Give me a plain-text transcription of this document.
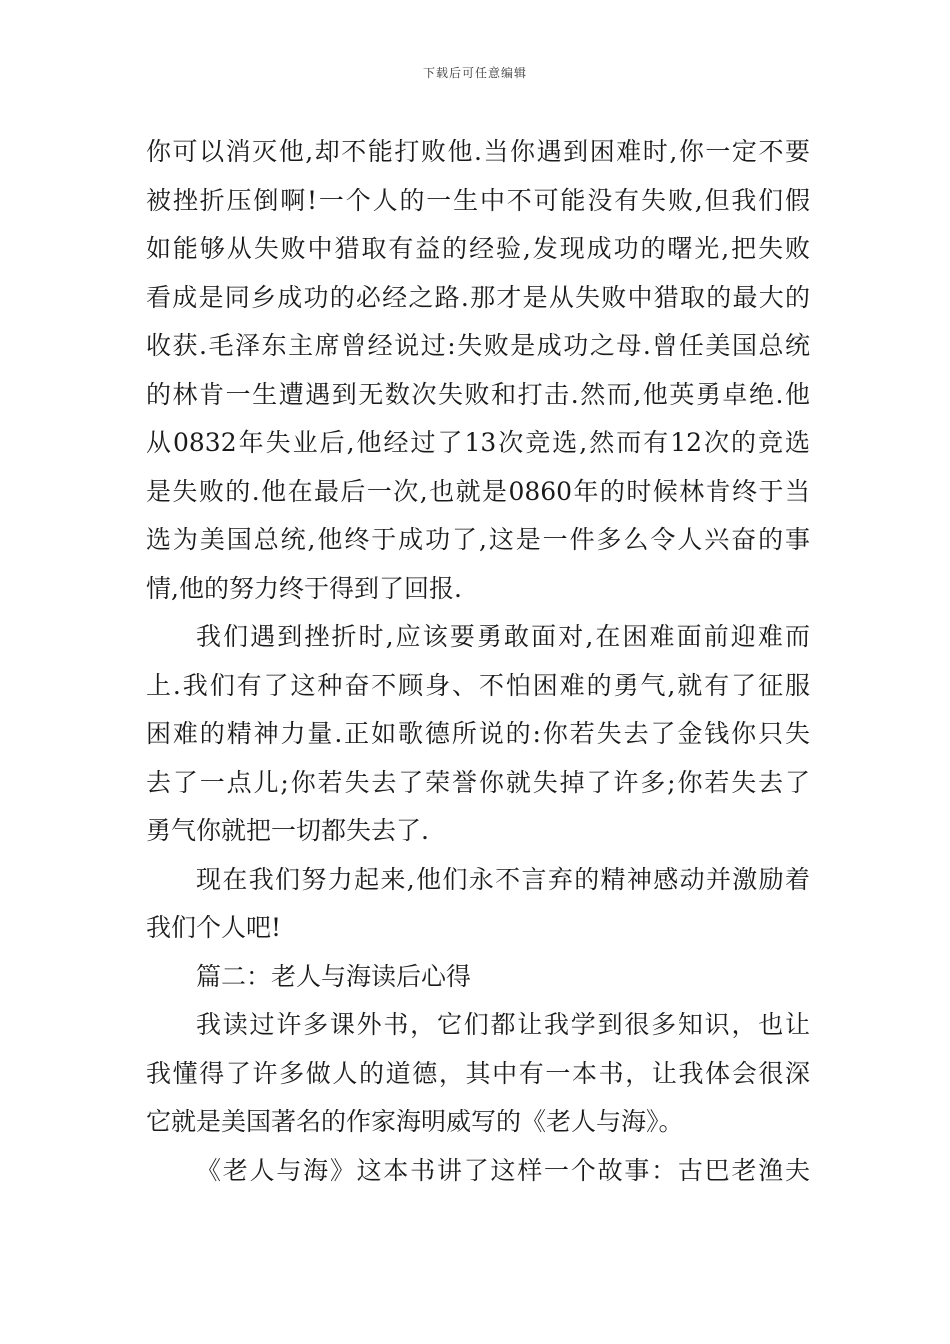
下载后可任意编辑
你可以消灭他,却不能打败他.当你遇到困难时,你一定不要
被挫折压倒啊!一个人的一生中不可能没有失败,但我们假
如能够从失败中猎取有益的经验,发现成功的曙光,把失败
看成是同乡成功的必经之路.那才是从失败中猎取的最大的
收获.毛泽东主席曾经说过:失败是成功之母.曾任美国总统
的林肯一生遭遇到无数次失败和打击.然而,他英勇卓绝.他
从0832年失业后,他经过了13次竞选,然而有12次的竞选
是失败的.他在最后一次,也就是0860年的时候林肯终于当
选为美国总统,他终于成功了,这是一件多么令人兴奋的事
情,他的努力终于得到了回报.
我们遇到挫折时,应该要勇敢面对,在困难面前迎难而
上.我们有了这种奋不顾身、不怕困难的勇气,就有了征服
困难的精神力量.正如歌德所说的:你若失去了金钱你只失
去了一点儿;你若失去了荣誉你就失掉了许多;你若失去了
勇气你就把一切都失去了.
现在我们努力起来,他们永不言弃的精神感动并激励着
我们个人吧!
篇二：老人与海读后心得
我读过许多课外书，它们都让我学到很多知识，也让
我懂得了许多做人的道德，其中有一本书，让我体会很深
它就是美国著名的作家海明威写的《老人与海》。
《老人与海》这本书讲了这样一个故事：古巴老渔夫
